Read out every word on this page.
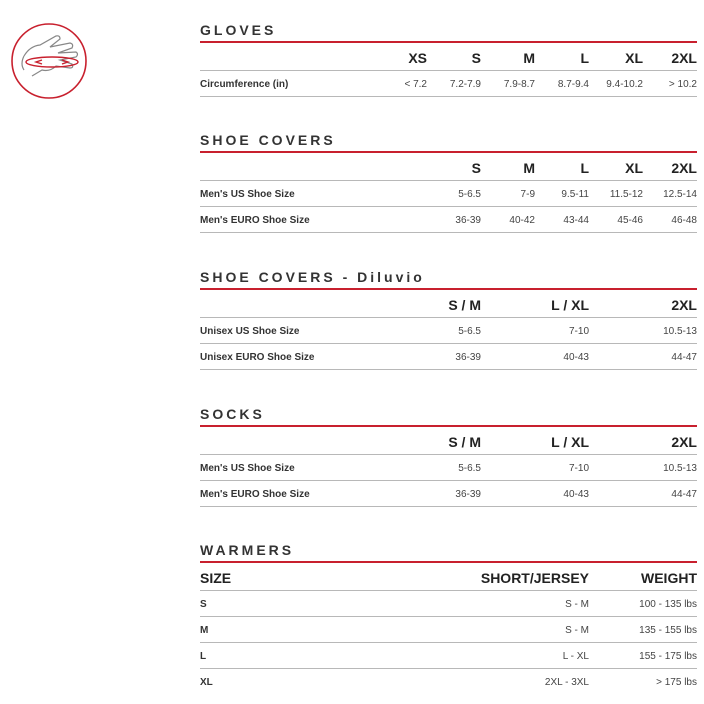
GLOVES
XS	S	M	L	XL 2XL
Circumference (in)	< 7.2 7.2-7.9 7.9-8.7 8.7-9.4 9.4-10.2	> 10.2
SHOE COVERS
S	M	L	XL 2XL
Men's US Shoe Size	5-6.5	7-9	9.5-11 11.5-12 12.5-14
Men's EURO Shoe Size	36-39	40-42	43-44	45-46	46-48
SHOE COVERS - Diluvio
S / M	L / XL	2XL
Unisex US Shoe Size	5-6.5	7-10	10.5-13
Unisex EURO Shoe Size	36-39	40-43	44-47
SOCKS
S / M	L / XL	2XL
Men's US Shoe Size	5-6.5	7-10	10.5-13
Men's EURO Shoe Size	36-39	40-43	44-47
WARMERS
SIZE	SHORT/JERSEY	WEIGHT
S	S - M	100 - 135 lbs
M	S - M	135 - 155 lbs
L	L - XL	155 - 175 lbs
XL	2XL - 3XL	> 175 lbs
